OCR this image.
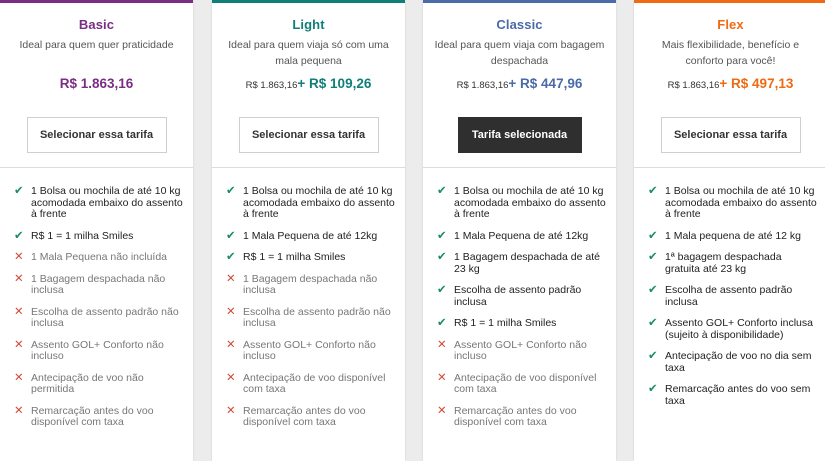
Basic
Ideal para quem quer praticidade
R$ 1.863,16
Selecionar essa tarifa
✔ 1 Bolsa ou mochila de até 10 kg acomodada embaixo do assento à frente
✔ R$ 1 = 1 milha Smiles
✕ 1 Mala Pequena não incluída
✕ 1 Bagagem despachada não inclusa
✕ Escolha de assento padrão não inclusa
✕ Assento GOL+ Conforto não incluso
✕ Antecipação de voo não permitida
✕ Remarcação antes do voo disponível com taxa
Light
Ideal para quem viaja só com uma mala pequena
R$ 1.863,16+ R$ 109,26
Selecionar essa tarifa
✔ 1 Bolsa ou mochila de até 10 kg acomodada embaixo do assento à frente
✔ 1 Mala Pequena de até 12kg
✔ R$ 1 = 1 milha Smiles
✕ 1 Bagagem despachada não inclusa
✕ Escolha de assento padrão não inclusa
✕ Assento GOL+ Conforto não incluso
✕ Antecipação de voo disponível com taxa
✕ Remarcação antes do voo disponível com taxa
Classic
Ideal para quem viaja com bagagem despachada
R$ 1.863,16+ R$ 447,96
Tarifa selecionada
✔ 1 Bolsa ou mochila de até 10 kg acomodada embaixo do assento à frente
✔ 1 Mala Pequena de até 12kg
✔ 1 Bagagem despachada de até 23 kg
✔ Escolha de assento padrão inclusa
✔ R$ 1 = 1 milha Smiles
✕ Assento GOL+ Conforto não incluso
✕ Antecipação de voo disponível com taxa
✕ Remarcação antes do voo disponível com taxa
Flex
Mais flexibilidade, benefício e conforto para você!
R$ 1.863,16+ R$ 497,13
Selecionar essa tarifa
✔ 1 Bolsa ou mochila de até 10 kg acomodada embaixo do assento à frente
✔ 1 Mala pequena de até 12 kg
✔ 1ª bagagem despachada gratuita até 23 kg
✔ Escolha de assento padrão inclusa
✔ Assento GOL+ Conforto inclusa (sujeito à disponibilidade)
✔ Antecipação de voo no dia sem taxa
✔ Remarcação antes do voo sem taxa
